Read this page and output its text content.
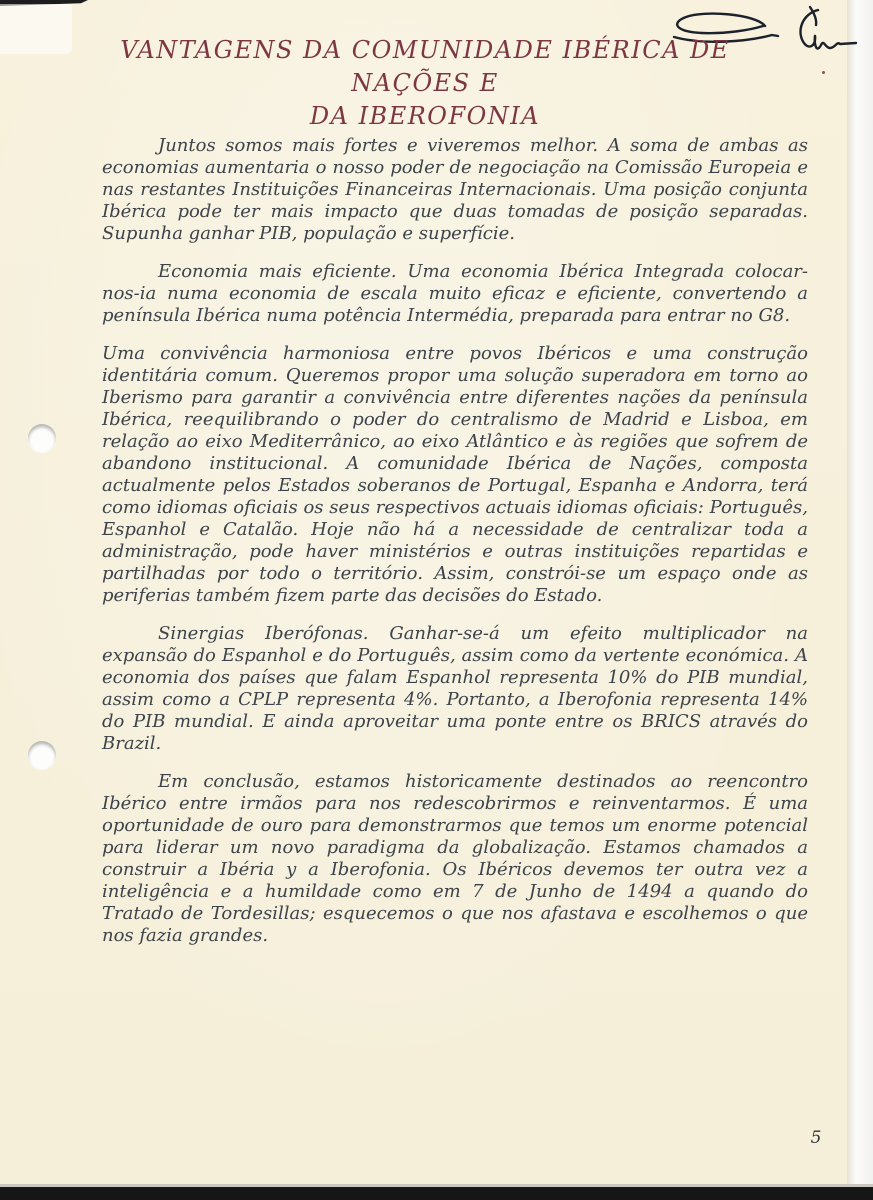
VANTAGENS DA COMUNIDADE IBÉRICA DE NAÇÕES E
DA IBEROFONIA

Juntos somos mais fortes e viveremos melhor. A soma de ambas as economias aumentaria o nosso poder de negociação na Comissão Europeia e nas restantes Instituições Financeiras Internacionais. Uma posição conjunta Ibérica pode ter mais impacto que duas tomadas de posição separadas. Supunha ganhar PIB, população e superfície.

Economia mais eficiente. Uma economia Ibérica Integrada colocar-nos-ia numa economia de escala muito eficaz e eficiente, convertendo a península Ibérica numa potência Intermédia, preparada para entrar no G8.

Uma convivência harmoniosa entre povos Ibéricos e uma construção identitária comum. Queremos propor uma solução superadora em torno ao Iberismo para garantir a convivência entre diferentes nações da península Ibérica, reequilibrando o poder do centralismo de Madrid e Lisboa, em relação ao eixo Mediterrânico, ao eixo Atlântico e às regiões que sofrem de abandono institucional. A comunidade Ibérica de Nações, composta actualmente pelos Estados soberanos de Portugal, Espanha e Andorra, terá como idiomas oficiais os seus respectivos actuais idiomas oficiais: Português, Espanhol e Catalão. Hoje não há a necessidade de centralizar toda a administração, pode haver ministérios e outras instituições repartidas e partilhadas por todo o território. Assim, constrói-se um espaço onde as periferias também fizem parte das decisões do Estado.

Sinergias Iberófonas. Ganhar-se-á um efeito multiplicador na expansão do Espanhol e do Português, assim como da vertente económica. A economia dos países que falam Espanhol representa 10% do PIB mundial, assim como a CPLP representa 4%. Portanto, a Iberofonia representa 14% do PIB mundial. E ainda aproveitar uma ponte entre os BRICS através do Brazil.

Em conclusão, estamos historicamente destinados ao reencontro Ibérico entre irmãos para nos redescobrirmos e reinventarmos. É uma oportunidade de ouro para demonstrarmos que temos um enorme potencial para liderar um novo paradigma da globalização. Estamos chamados a construir a Ibéria y a Iberofonia. Os Ibéricos devemos ter outra vez a inteligência e a humildade como em 7 de Junho de 1494 a quando do Tratado de Tordesillas; esquecemos o que nos afastava e escolhemos o que nos fazia grandes.

5
